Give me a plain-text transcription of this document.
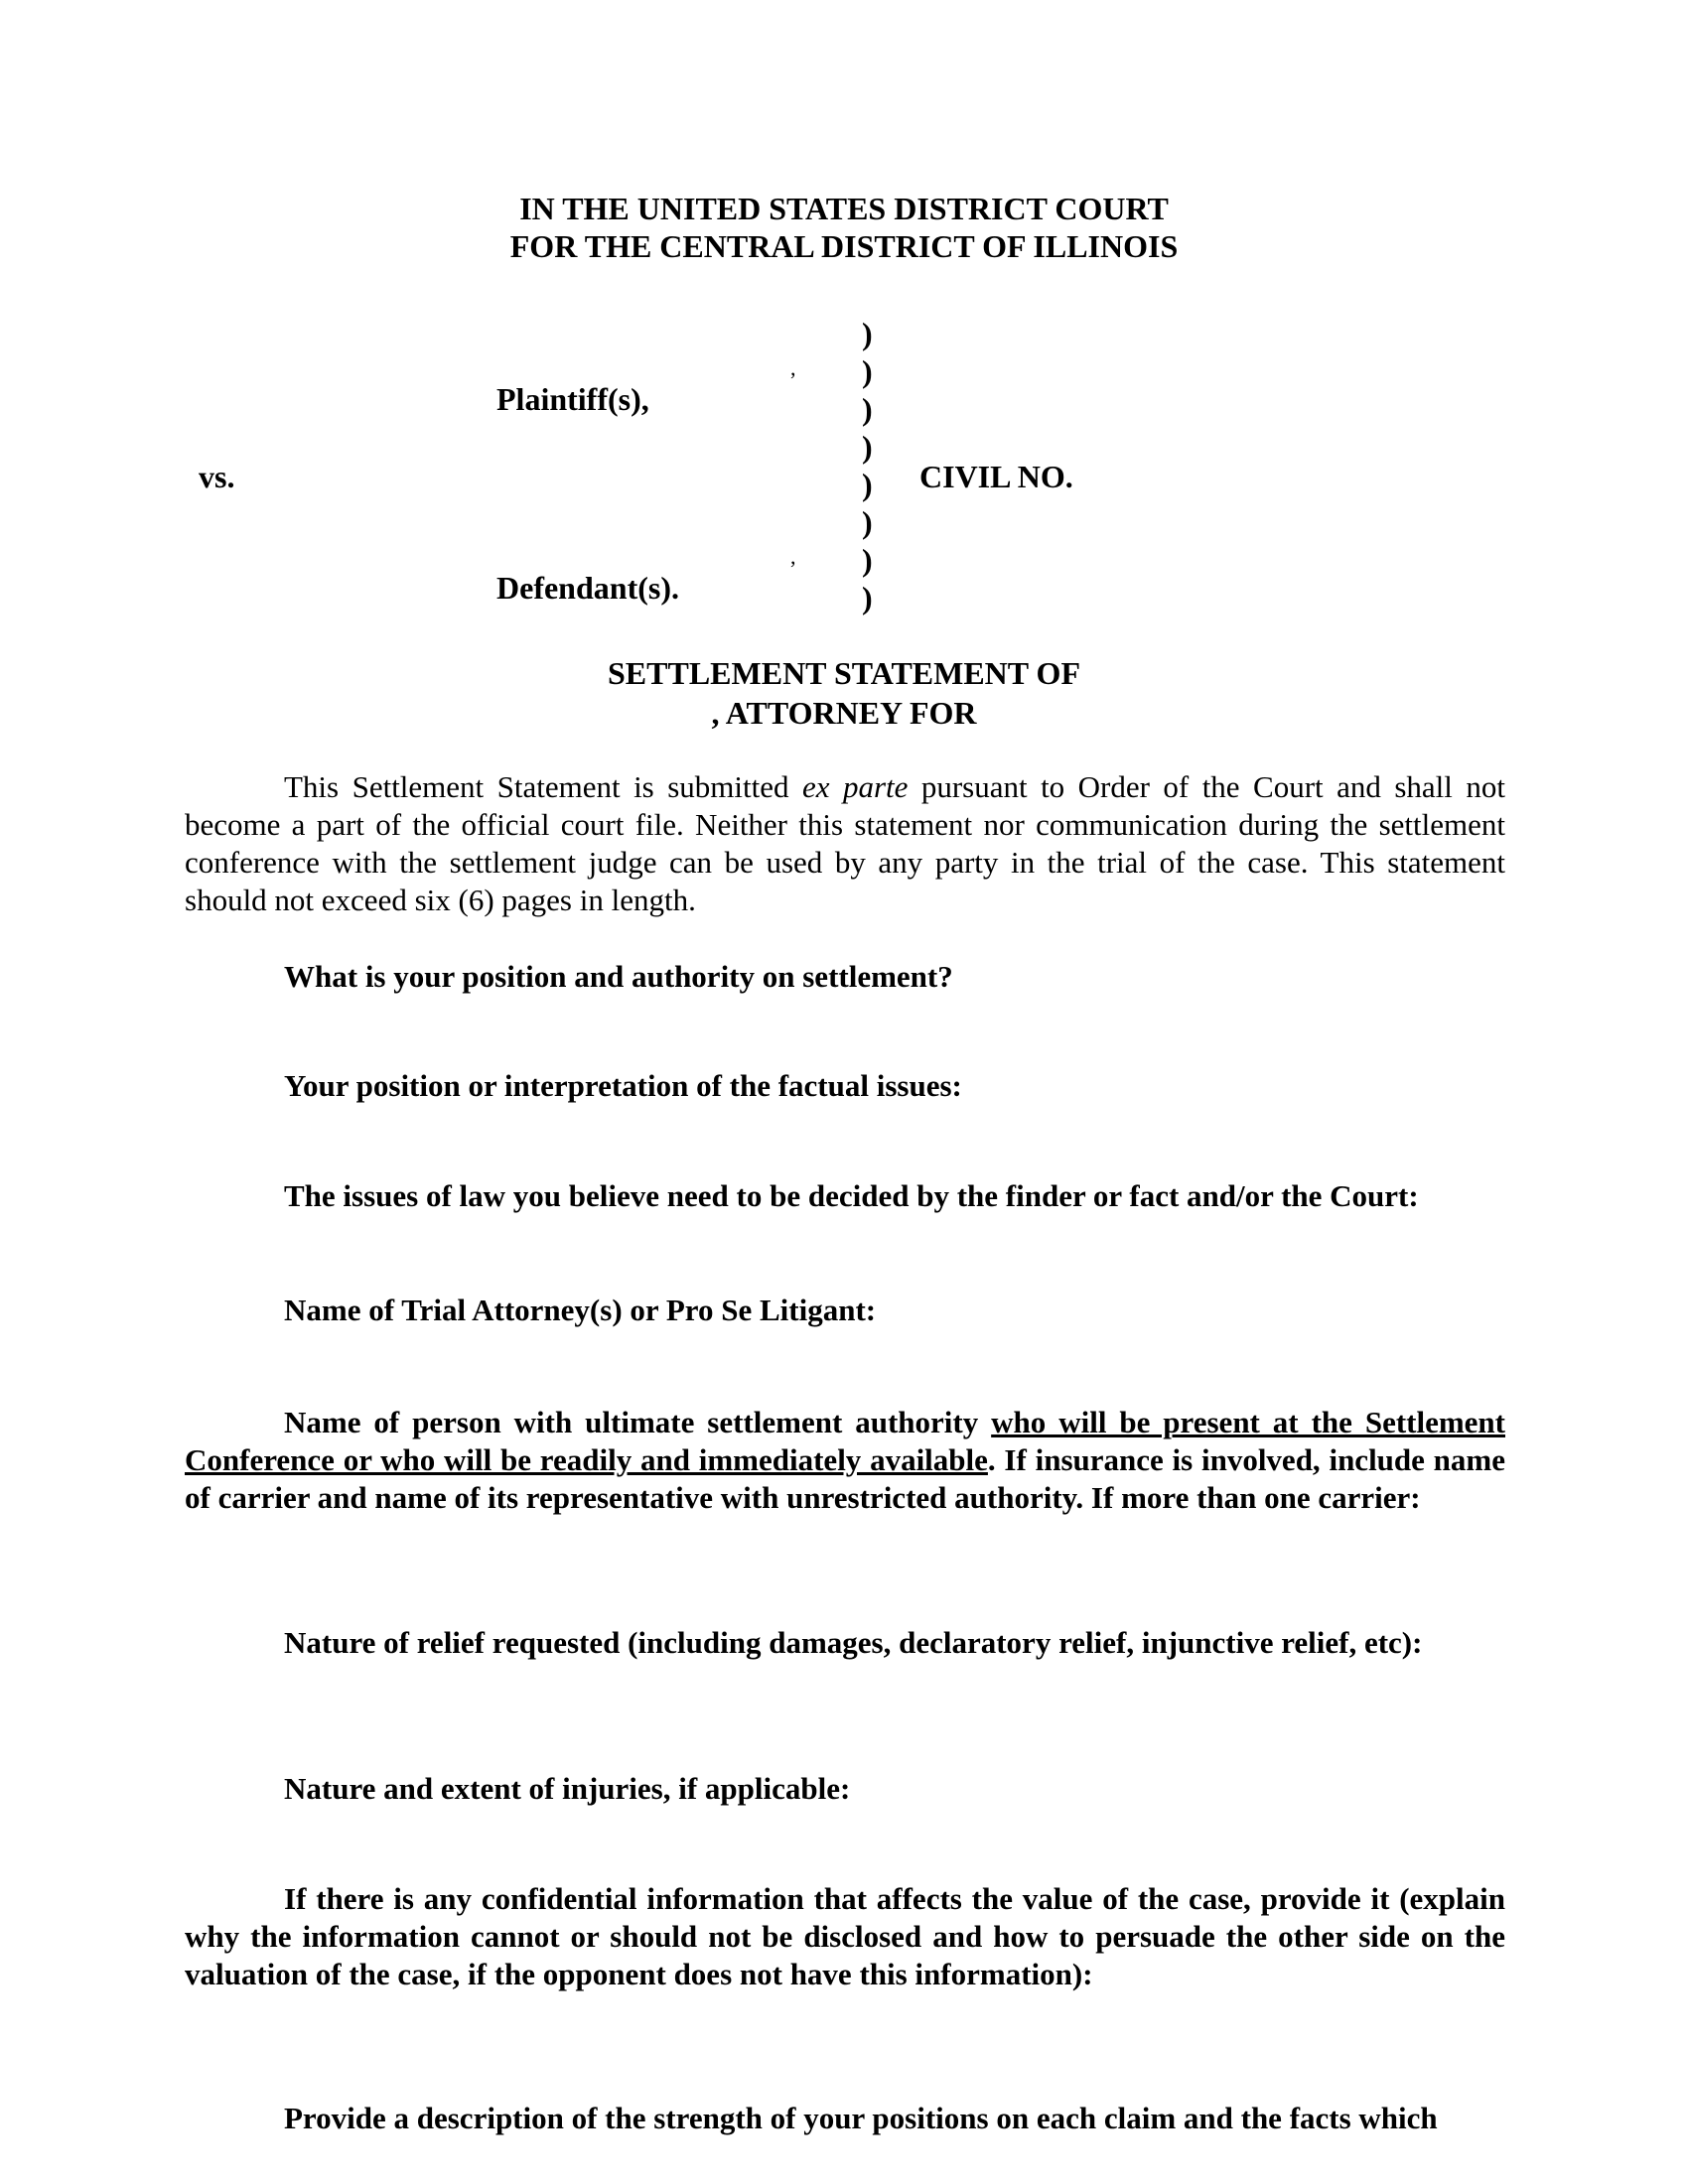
IN THE UNITED STATES DISTRICT COURT
FOR THE CENTRAL DISTRICT OF ILLINOIS
)
)
)
)
)
)
)
)
,
,
Plaintiff(s),
vs.	CIVIL NO.
Defendant(s).
SETTLEMENT STATEMENT OF
, ATTORNEY FOR
This Settlement Statement is submitted ex parte pursuant to Order of the Court and shall not become a part of the official court file. Neither this statement nor communication during the settlement conference with the settlement judge can be used by any party in the trial of the case. This statement should not exceed six (6) pages in length.
What is your position and authority on settlement?
Your position or interpretation of the factual issues:
The issues of law you believe need to be decided by the finder or fact and/or the Court:
Name of Trial Attorney(s) or Pro Se Litigant:
Name of person with ultimate settlement authority who will be present at the Settlement Conference or who will be readily and immediately available. If insurance is involved, include name of carrier and name of its representative with unrestricted authority. If more than one carrier:
Nature of relief requested (including damages, declaratory relief, injunctive relief, etc):
Nature and extent of injuries, if applicable:
If there is any confidential information that affects the value of the case, provide it (explain why the information cannot or should not be disclosed and how to persuade the other side on the valuation of the case, if the opponent does not have this information):
Provide a description of the strength of your positions on each claim and the facts which
